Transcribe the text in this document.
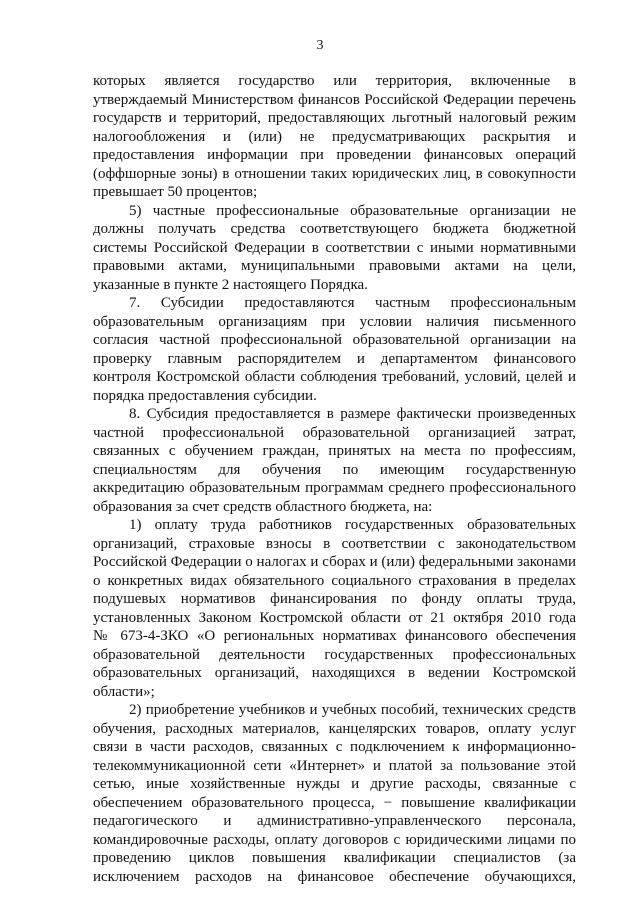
3
которых является государство или территория, включенные в
утверждаемый Министерством финансов Российской Федерации перечень
государств и территорий, предоставляющих льготный налоговый режим
налогообложения и (или) не предусматривающих раскрытия и
предоставления информации при проведении финансовых операций
(оффшорные зоны) в отношении таких юридических лиц, в совокупности
превышает 50 процентов;
5) частные профессиональные образовательные организации не
должны получать средства соответствующего бюджета бюджетной
системы Российской Федерации в соответствии с иными нормативными
правовыми актами, муниципальными правовыми актами на цели,
указанные в пункте 2 настоящего Порядка.
7. Субсидии предоставляются частным профессиональным
образовательным организациям при условии наличия письменного
согласия частной профессиональной образовательной организации на
проверку главным распорядителем и департаментом финансового
контроля Костромской области соблюдения требований, условий, целей и
порядка предоставления субсидии.
8. Субсидия предоставляется в размере фактически произведенных
частной профессиональной образовательной организацией затрат,
связанных с обучением граждан, принятых на места по профессиям,
специальностям для обучения по имеющим государственную
аккредитацию образовательным программам среднего профессионального
образования за счет средств областного бюджета, на:
1) оплату труда работников государственных образовательных
организаций, страховые взносы в соответствии с законодательством
Российской Федерации о налогах и сборах и (или) федеральными законами
о конкретных видах обязательного социального страхования в пределах
подушевых нормативов финансирования по фонду оплаты труда,
установленных Законом Костромской области от 21 октября 2010 года
№ 673-4-ЗКО «О региональных нормативах финансового обеспечения
образовательной деятельности государственных профессиональных
образовательных организаций, находящихся в ведении Костромской
области»;
2) приобретение учебников и учебных пособий, технических средств
обучения, расходных материалов, канцелярских товаров, оплату услуг
связи в части расходов, связанных с подключением к информационно-
телекоммуникационной сети «Интернет» и платой за пользование этой
сетью, иные хозяйственные нужды и другие расходы, связанные с
обеспечением образовательного процесса, − повышение квалификации
педагогического и административно-управленческого персонала,
командировочные расходы, оплату договоров с юридическими лицами по
проведению циклов повышения квалификации специалистов (за
исключением расходов на финансовое обеспечение обучающихся,
